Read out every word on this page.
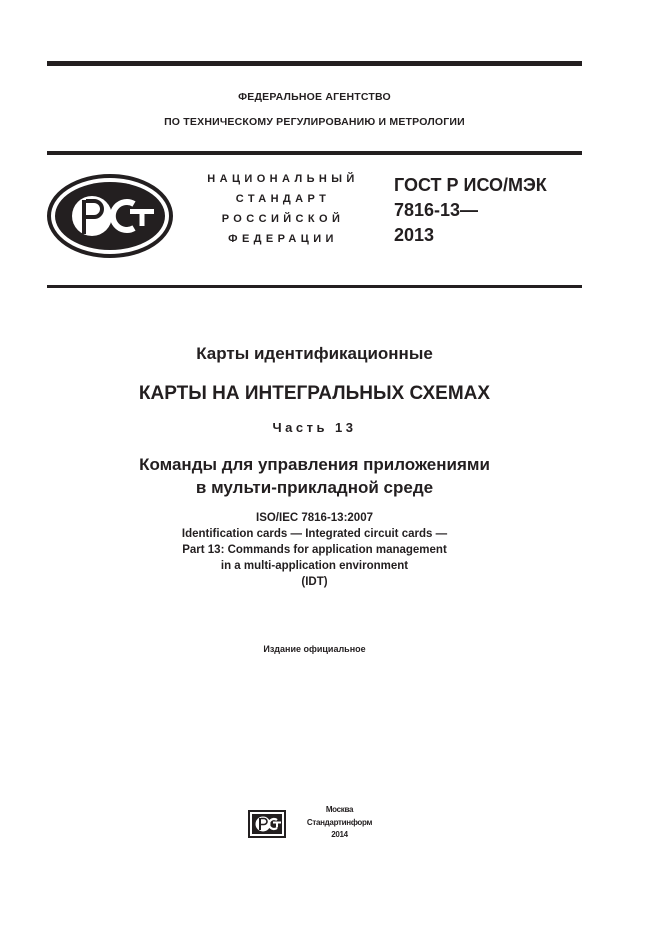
ФЕДЕРАЛЬНОЕ АГЕНТСТВО
ПО ТЕХНИЧЕСКОМУ РЕГУЛИРОВАНИЮ И МЕТРОЛОГИИ
НАЦИОНАЛЬНЫЙ
СТАНДАРТ
РОССИЙСКОЙ
ФЕДЕРАЦИИ
ГОСТ Р ИСО/МЭК
7816-13—
2013
Карты идентификационные
КАРТЫ НА ИНТЕГРАЛЬНЫХ СХЕМАХ
Часть 13
Команды для управления приложениями
в мульти-прикладной среде
ISO/IEC 7816-13:2007
Identification cards — Integrated circuit cards —
Part 13: Commands for application management
in a multi-application environment
(IDT)
Издание официальное
Москва
Стандартинформ
2014
